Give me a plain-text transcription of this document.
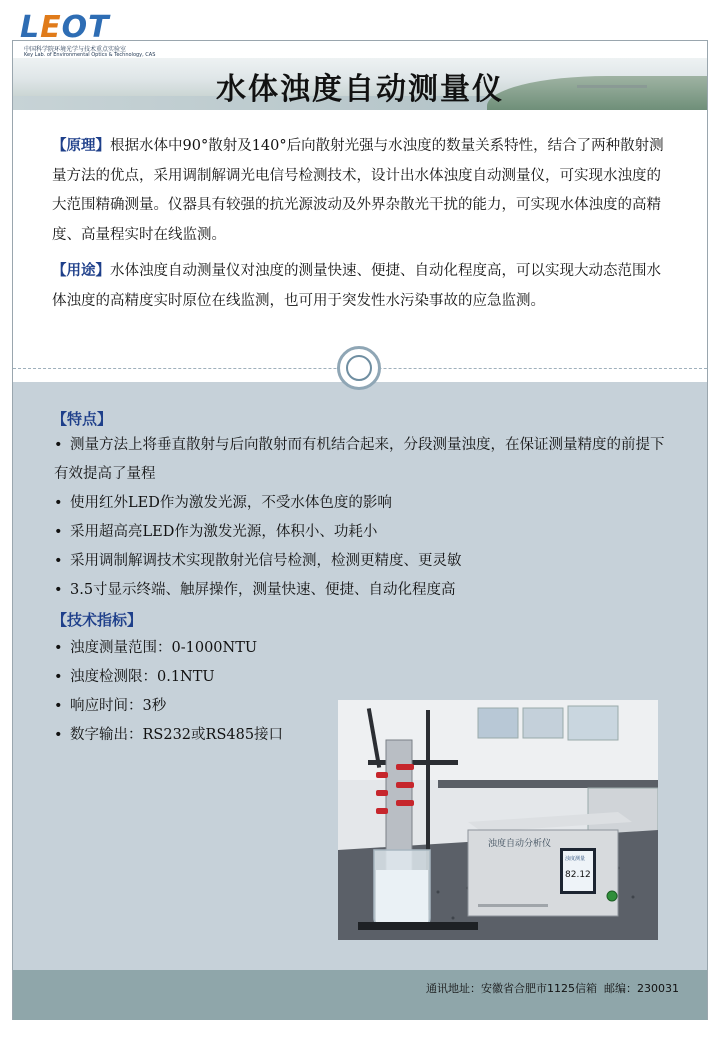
LEOT
中国科学院环境光学与技术重点实验室
Key Lab. of Environmental Optics & Technology, CAS
水体浊度自动测量仪

【原理】根据水体中90°散射及140°后向散射光强与水浊度的数量关系特性，结合了两种散射测量方法的优点，采用调制解调光电信号检测技术，设计出水体浊度自动测量仪，可实现水浊度的大范围精确测量。仪器具有较强的抗光源波动及外界杂散光干扰的能力，可实现水体浊度的高精度、高量程实时在线监测。

【用途】水体浊度自动测量仪对浊度的测量快速、便捷、自动化程度高，可以实现大动态范围水体浊度的高精度实时原位在线监测，也可用于突发性水污染事故的应急监测。

【特点】
• 测量方法上将垂直散射与后向散射而有机结合起来，分段测量浊度，在保证测量精度的前提下有效提高了量程
• 使用红外LED作为激发光源，不受水体色度的影响
• 采用超高亮LED作为激发光源，体积小、功耗小
• 采用调制解调技术实现散射光信号检测，检测更精度、更灵敏
• 3.5寸显示终端、触屏操作，测量快速、便捷、自动化程度高
【技术指标】
• 浊度测量范围：0-1000NTU
• 浊度检测限：0.1NTU
• 响应时间：3秒
• 数字输出：RS232或RS485接口
浊度自动分析仪
浊度测量
82.12
通讯地址：安徽省合肥市1125信箱 邮编：230031
